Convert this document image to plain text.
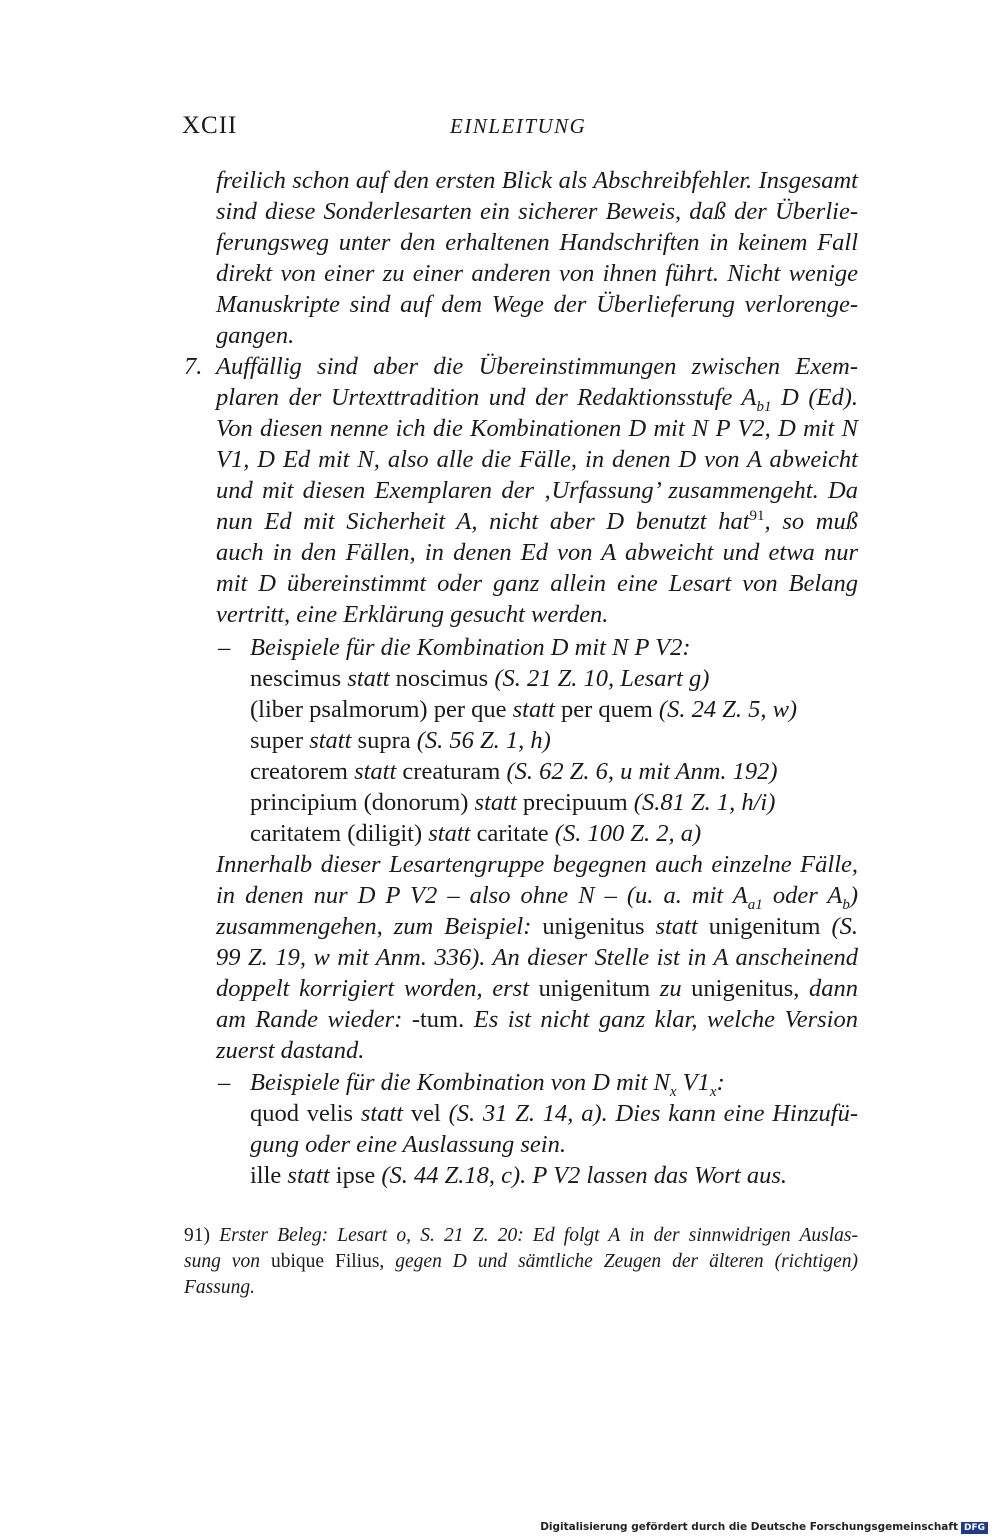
XCII	EINLEITUNG
freilich schon auf den ersten Blick als Abschreibfehler. Insgesamt
sind diese Sonderlesarten ein sicherer Beweis, daß der Überlie-
ferungsweg unter den erhaltenen Handschriften in keinem Fall
direkt von einer zu einer anderen von ihnen führt. Nicht wenige
Manuskripte sind auf dem Wege der Überlieferung verlorenge-
gangen.
7. Auffällig sind aber die Übereinstimmungen zwischen Exem-
plaren der Urtexttradition und der Redaktionsstufe $A_{b1}$ D (Ed).
Von diesen nenne ich die Kombinationen D mit N P V2, D mit N
V1, D Ed mit N, also alle die Fälle, in denen D von A abweicht
und mit diesen Exemplaren der ‚Urfassung’ zusammengeht. Da
nun Ed mit Sicherheit A, nicht aber D benutzt hat$^{91}$, so muß
auch in den Fällen, in denen Ed von A abweicht und etwa nur
mit D übereinstimmt oder ganz allein eine Lesart von Belang
vertritt, eine Erklärung gesucht werden.
– Beispiele für die Kombination D mit N P V2:
nescimus statt noscimus (S. 21 Z. 10, Lesart g)
(liber psalmorum) per que statt per quem (S. 24 Z. 5, w)
super statt supra (S. 56 Z. 1, h)
creatorem statt creaturam (S. 62 Z. 6, u mit Anm. 192)
principium (donorum) statt precipuum (S.81 Z. 1, h/i)
caritatem (diligit) statt caritate (S. 100 Z. 2, a)
Innerhalb dieser Lesartengruppe begegnen auch einzelne Fälle,
in denen nur D P V2 – also ohne N – (u. a. mit $A_{a1}$ oder $A_b$)
zusammengehen, zum Beispiel: unigenitus statt unigenitum (S.
99 Z. 19, w mit Anm. 336). An dieser Stelle ist in A anscheinend
doppelt korrigiert worden, erst unigenitum zu unigenitus, dann
am Rande wieder: -tum. Es ist nicht ganz klar, welche Version
zuerst dastand.
– Beispiele für die Kombination von D mit $N_x$ $V1_x$:
quod velis statt vel (S. 31 Z. 14, a). Dies kann eine Hinzufü-
gung oder eine Auslassung sein.
ille statt ipse (S. 44 Z.18, c). P V2 lassen das Wort aus.
91) Erster Beleg: Lesart o, S. 21 Z. 20: Ed folgt A in der sinnwidrigen Auslas-
sung von ubique Filius, gegen D und sämtliche Zeugen der älteren (richtigen)
Fassung.
Digitalisierung gefördert durch die Deutsche Forschungsgemeinschaft DFG
